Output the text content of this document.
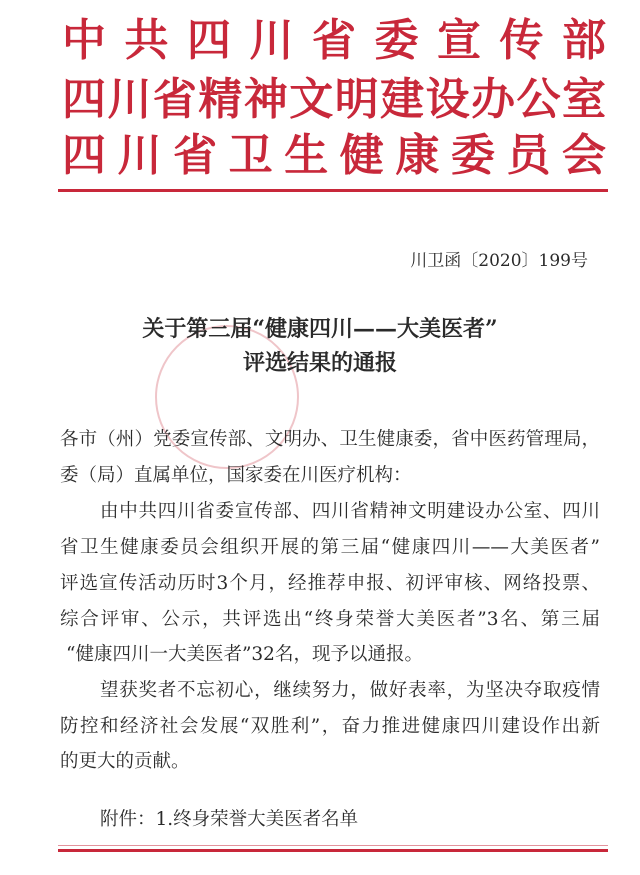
中共四川省委宣传部
四川省精神文明建设办公室
四川省卫生健康委员会
川卫函〔2020〕199号
关于第三届“健康四川——大美医者”
评选结果的通报
各市（州）党委宣传部、文明办、卫生健康委，省中医药管理局，
委（局）直属单位，国家委在川医疗机构：
由中共四川省委宣传部、四川省精神文明建设办公室、四川
省卫生健康委员会组织开展的第三届“健康四川——大美医者”
评选宣传活动历时3个月，经推荐申报、初评审核、网络投票、
综合评审、公示，共评选出“终身荣誉大美医者”3名、第三届
“健康四川一大美医者”32名，现予以通报。
望获奖者不忘初心，继续努力，做好表率，为坚决夺取疫情
防控和经济社会发展“双胜利”，奋力推进健康四川建设作出新
的更大的贡献。
附件：1.终身荣誉大美医者名单
